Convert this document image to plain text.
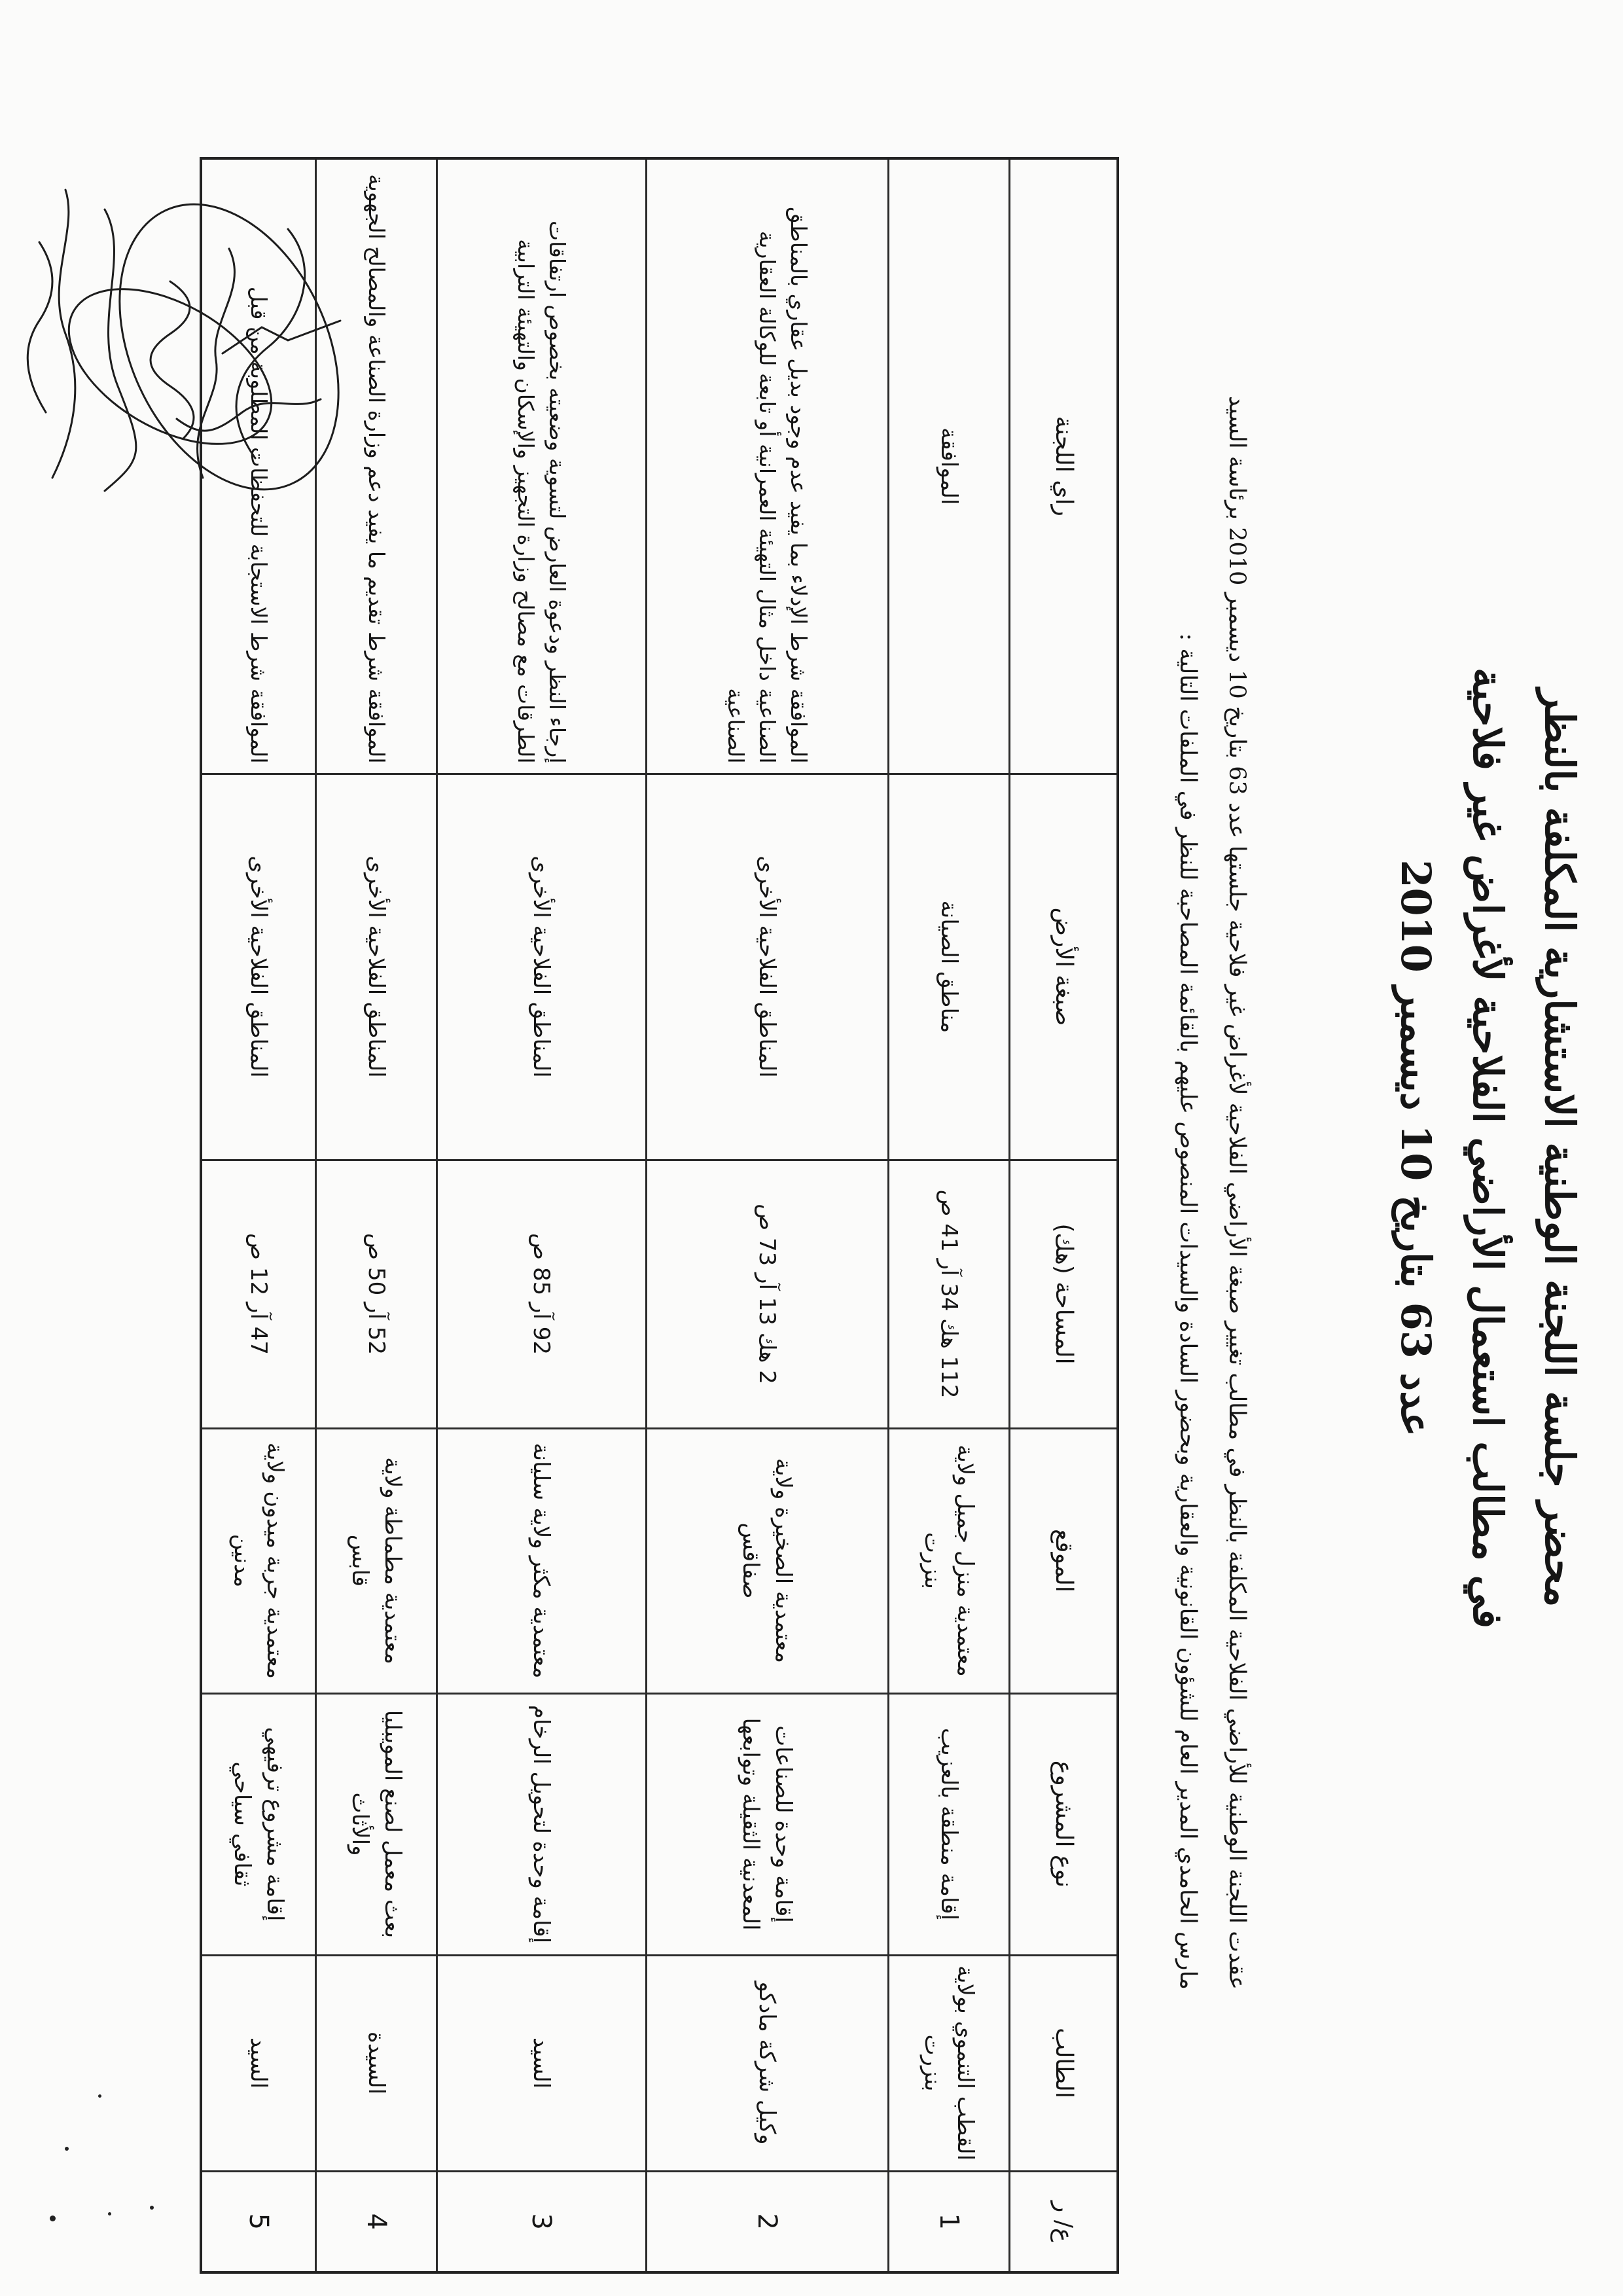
محضر جلسة اللجنة الوطنية الاستشارية المكلفة بالنظر
في مطالب استعمال الأراضي الفلاحية لأغراض غير فلاحية
عدد 63 بتاريخ 10 ديسمبر 2010
عقدت اللجنة الوطنية للأراضي الفلاحية المكلفة بالنظر في مطالب تغيير صبغة الأراضي الفلاحية لأغراض غير فلاحية جلستها عدد 63 بتاريخ 10 ديسمبر 2010 برئاسة السيد
مارس الحامدي المدير العام للشؤون القانونية والعقارية وبحضور السادة والسيدات المنصوص عليهم بالقائمة المصاحبة للنظر في الملفات التالية :
ع/ ر	الطالب	نوع المشروع	الموقع	المساحة (هك)	صبغة الأرض	راي اللجنة
1	القطب التنموي بولاية بنزرت	إقامة منطقة بالعزيب	معتمدية منزل جميل ولاية بنزرت	112 هك 34 آر 41 ص	مناطق الصيانة	الموافقة
2	وكيل شركة مادكو	إقامة وحدة للصناعات المعدنية الثقيلة وتوابعها	معتمدية الصخيرة ولاية صفاقس	2 هك 13 آر 73 ص	المناطق الفلاحية الأخرى	الموافقة شرط الإدلاء بما يفيد عدم وجود بديل عقاري بالمناطق الصناعية داخل مثال التهيئة العمرانية أو تابعة للوكالة العقارية الصناعية
3	السيد	إقامة وحدة لتحويل الرخام	معتمدية مكثر ولاية سليانة	92 آر 85 ص	المناطق الفلاحية الأخرى	إرجاء النظر ودعوة العارض لتسوية وضعيته بخصوص ارتفاقات الطرقات مع مصالح وزارة التجهيز والإسكان والتهيئة الترابية
4	السيدة	بعث معمل لصنع المويبليا والأثاث	معتمدية مطماطة ولاية قابس	52 آر 50 ص	المناطق الفلاحية الأخرى	الموافقة شرط تقديم ما يفيد دعم وزارة الصناعة والمصالح الجهوية
5	السيد	إقامة مشروع ترفيهي ثقافي سياحي	معتمدية جربة ميدون ولاية مدنين	47 آر 12 ص	المناطق الفلاحية الأخرى	الموافقة شرط الاستجابة للتحفظات المطلوبة من قبل
